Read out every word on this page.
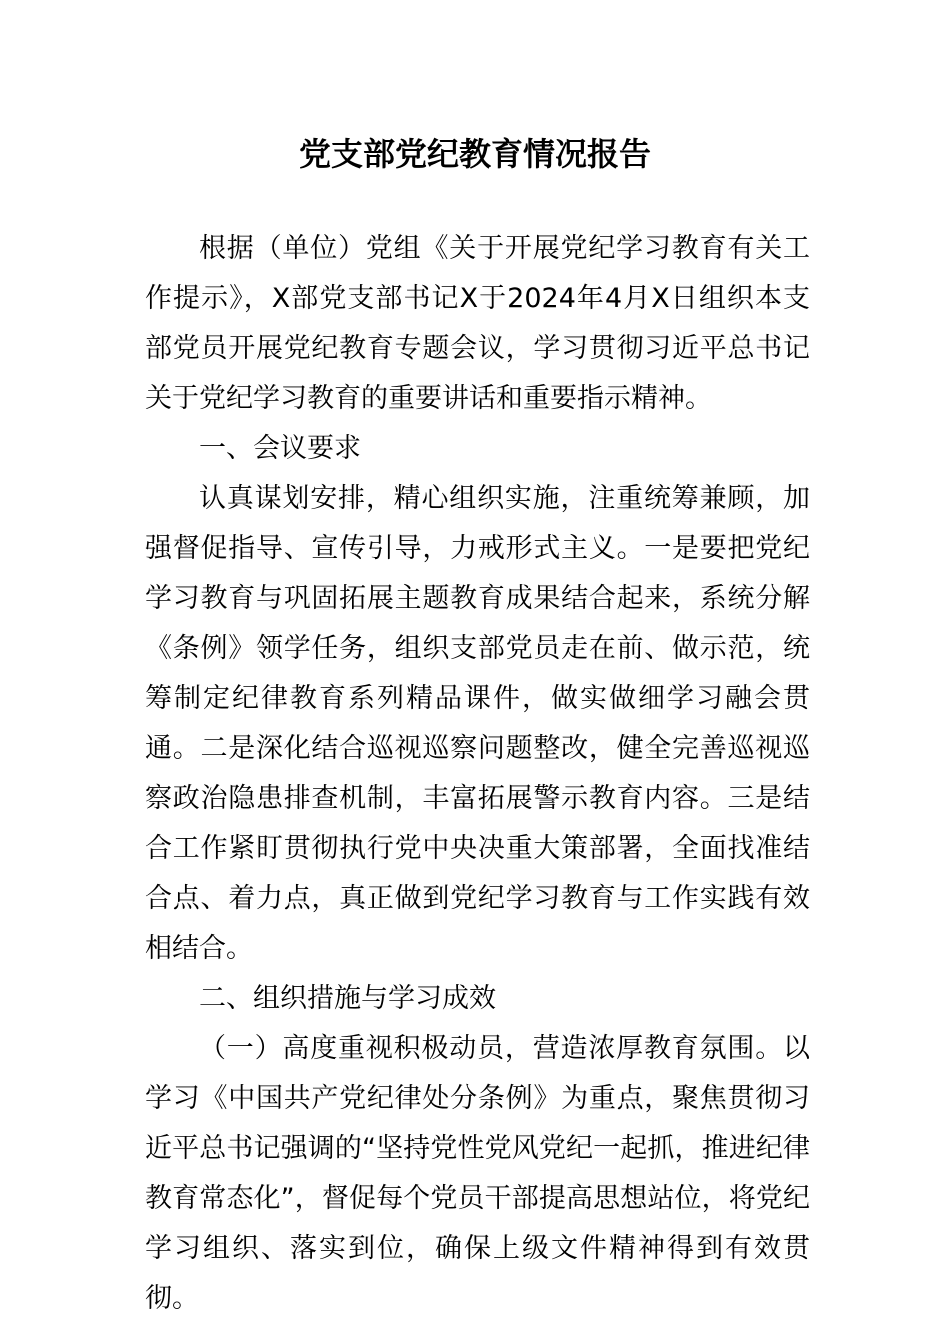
党支部党纪教育情况报告

根据（单位）党组《关于开展党纪学习教育有关工作提示》，X部党支部书记X于2024年4月X日组织本支部党员开展党纪教育专题会议，学习贯彻习近平总书记关于党纪学习教育的重要讲话和重要指示精神。

一、会议要求

认真谋划安排，精心组织实施，注重统筹兼顾，加强督促指导、宣传引导，力戒形式主义。一是要把党纪学习教育与巩固拓展主题教育成果结合起来，系统分解《条例》领学任务，组织支部党员走在前、做示范，统筹制定纪律教育系列精品课件，做实做细学习融会贯通。二是深化结合巡视巡察问题整改，健全完善巡视巡察政治隐患排查机制，丰富拓展警示教育内容。三是结合工作紧盯贯彻执行党中央决重大策部署，全面找准结合点、着力点，真正做到党纪学习教育与工作实践有效相结合。

二、组织措施与学习成效

（一）高度重视积极动员，营造浓厚教育氛围。以学习《中国共产党纪律处分条例》为重点，聚焦贯彻习近平总书记强调的“坚持党性党风党纪一起抓，推进纪律教育常态化”，督促每个党员干部提高思想站位，将党纪学习组织、落实到位，确保上级文件精神得到有效贯彻。
